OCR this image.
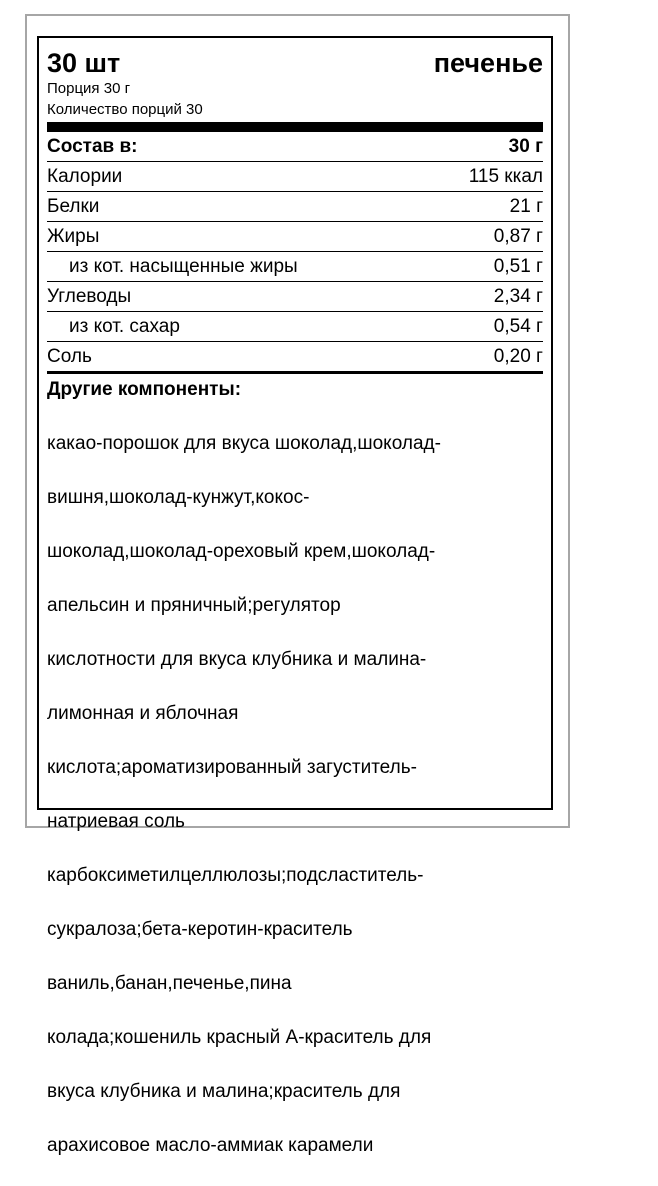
30 шт	печенье
Порция 30 г
Количество порций 30
Состав в:	30 г
Калории	115 ккал
Белки	21 г
Жиры	0,87 г
из кот. насыщенные жиры	0,51 г
Углеводы	2,34 г
из кот. сахар	0,54 г
Соль	0,20 г
Другие компоненты:

какао-порошок для вкуса шоколад,шоколад-

вишня,шоколад-кунжут,кокос-

шоколад,шоколад-ореховый крем,шоколад-

апельсин и пряничный;регулятор

кислотности для вкуса клубника и малина-

лимонная и яблочная

кислота;ароматизированный загуститель-

натриевая соль

карбоксиметилцеллюлозы;подсластитель-

сукралоза;бета-керотин-краситель

ваниль,банан,печенье,пина

колада;кошениль красный А-краситель для

вкуса клубника и малина;краситель для

арахисовое масло-аммиак карамели
